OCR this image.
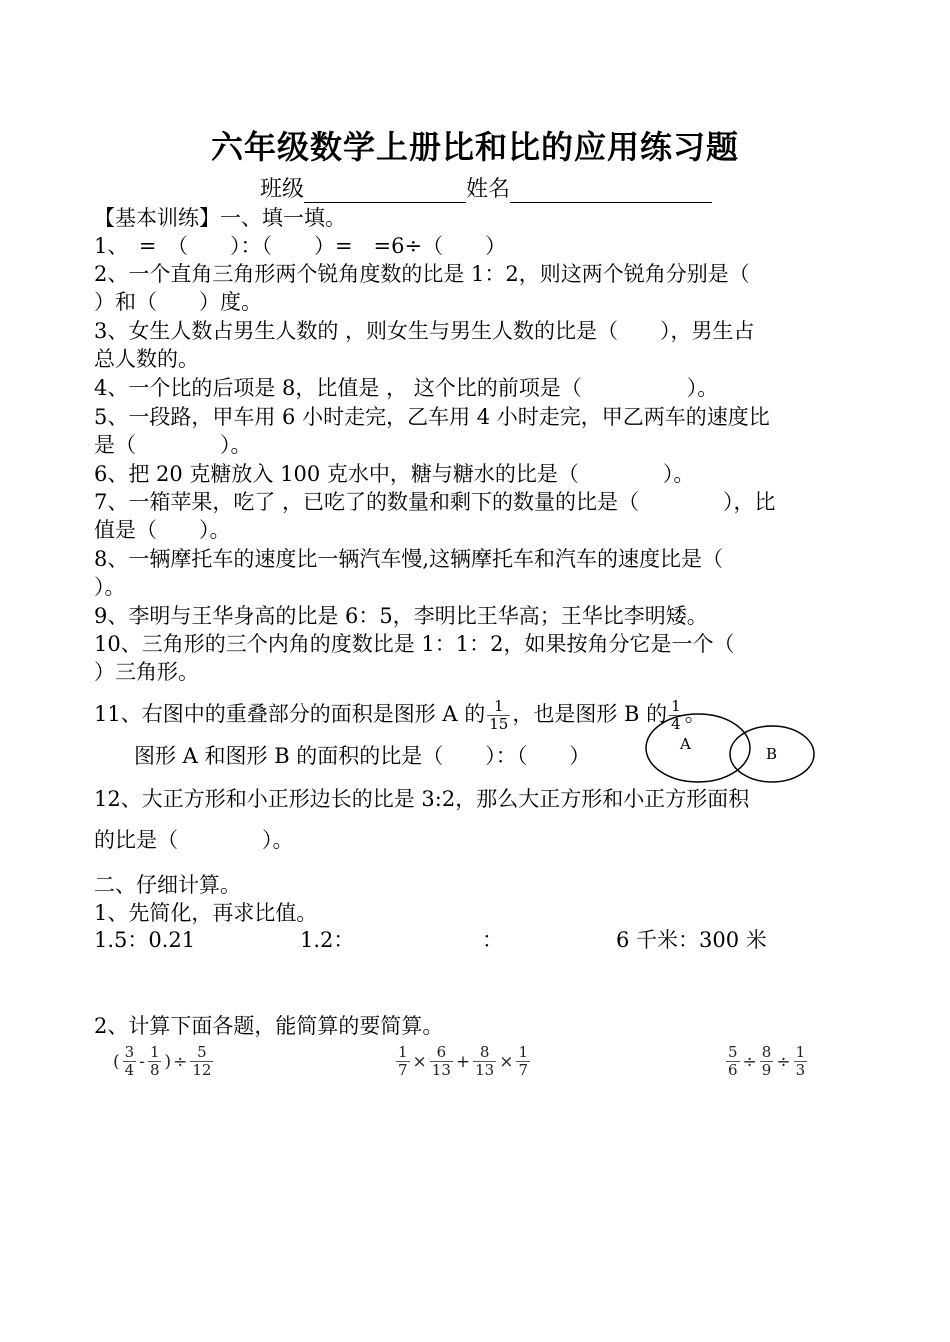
六年级数学上册比和比的应用练习题
班级	姓名
【基本训练】一、填一填。
1、　=　（　　）：（　　）=　=6÷（　　）
2、一个直角三角形两个锐角度数的比是 1：2，则这两个锐角分别是（
）和（　　）度。
3、女生人数占男生人数的 ，则女生与男生人数的比是（　　），男生占
总人数的。
4、一个比的后项是 8，比值是 ， 这个比的前项是（　　　　　）。
5、一段路，甲车用 6 小时走完，乙车用 4 小时走完，甲乙两车的速度比
是（　　　　）。
6、把 20 克糖放入 100 克水中，糖与糖水的比是（　　　　）。
7、一箱苹果，吃了 ，已吃了的数量和剩下的数量的比是（　　　　），比
值是（　　）。
8、一辆摩托车的速度比一辆汽车慢,这辆摩托车和汽车的速度比是（
）。
9、李明与王华身高的比是 6：5，李明比王华高；王华比李明矮。
10、三角形的三个内角的度数比是 1：1：2，如果按角分它是一个（
）三角形。
11、右图中的重叠部分的面积是图形 A 的 $\frac{1}{15}$ ，也是图形 B 的 $\frac{1}{4}$ 。
图形 A 和图形 B 的面积的比是（　　）：（　　）	A
B
12、大正方形和小正形边长的比是 3:2，那么大正方形和小正方形面积
的比是（　　　　）。
二、仔细计算。
1、先简化，再求比值。
1.5：0.21	1.2：	：	6 千米：300 米
2、计算下面各题，能简算的要简算。
( $\frac{3}{4} - \frac{1}{8}$ ) ÷ $\frac{5}{12}$	$\frac{1}{7} \times \frac{6}{13} + \frac{8}{13} \times \frac{1}{7}$	$\frac{5}{6} \div \frac{8}{9} \div \frac{1}{3}$
